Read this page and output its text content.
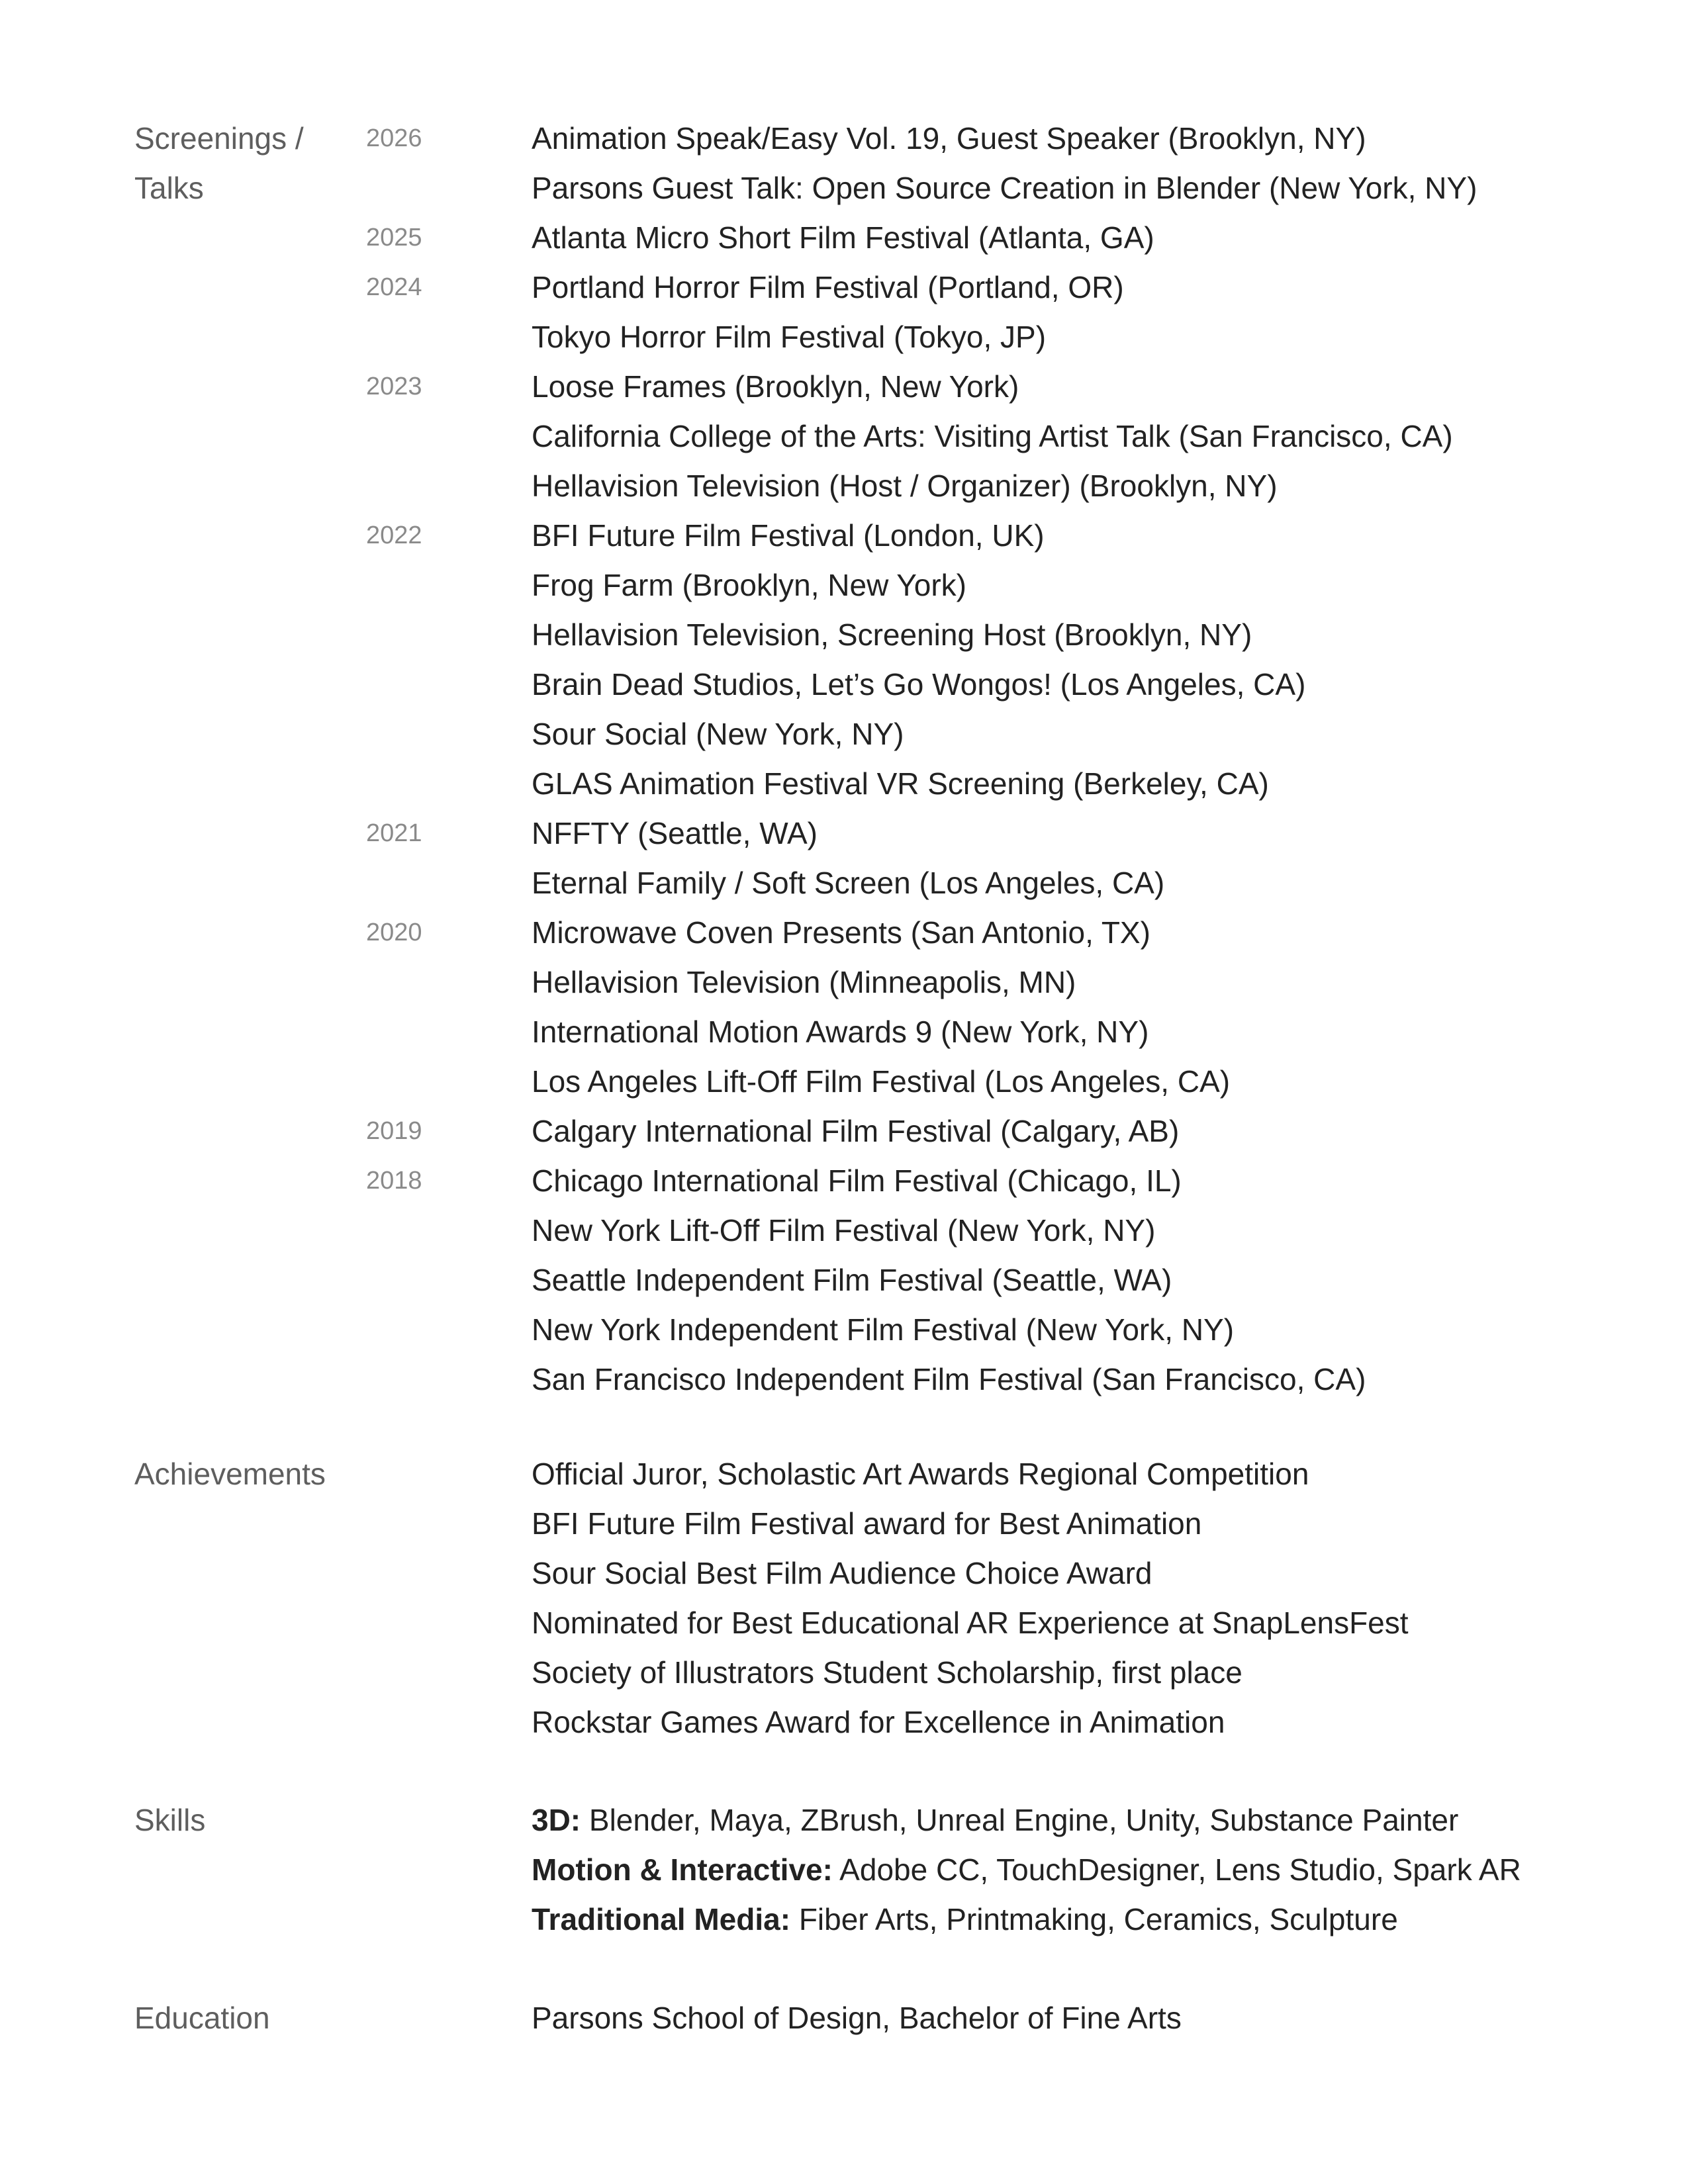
Screenings /
Talks
2026	Animation Speak/Easy Vol. 19, Guest Speaker (Brooklyn, NY)
Parsons Guest Talk: Open Source Creation in Blender (New York, NY)
2025	Atlanta Micro Short Film Festival (Atlanta, GA)
2024	Portland Horror Film Festival (Portland, OR)
Tokyo Horror Film Festival (Tokyo, JP)
2023	Loose Frames (Brooklyn, New York)
California College of the Arts: Visiting Artist Talk (San Francisco, CA)
Hellavision Television (Host / Organizer) (Brooklyn, NY)
2022	BFI Future Film Festival (London, UK)
Frog Farm (Brooklyn, New York)
Hellavision Television, Screening Host (Brooklyn, NY)
Brain Dead Studios, Let’s Go Wongos! (Los Angeles, CA)
Sour Social (New York, NY)
GLAS Animation Festival VR Screening (Berkeley, CA)
2021	NFFTY (Seattle, WA)
Eternal Family / Soft Screen (Los Angeles, CA)
2020	Microwave Coven Presents (San Antonio, TX)
Hellavision Television (Minneapolis, MN)
International Motion Awards 9 (New York, NY)
Los Angeles Lift-Off Film Festival (Los Angeles, CA)
2019	Calgary International Film Festival (Calgary, AB)
2018	Chicago International Film Festival (Chicago, IL)
New York Lift-Off Film Festival (New York, NY)
Seattle Independent Film Festival (Seattle, WA)
New York Independent Film Festival (New York, NY)
San Francisco Independent Film Festival (San Francisco, CA)
Achievements	Official Juror, Scholastic Art Awards Regional Competition
BFI Future Film Festival award for Best Animation
Sour Social Best Film Audience Choice Award
Nominated for Best Educational AR Experience at SnapLensFest
Society of Illustrators Student Scholarship, first place
Rockstar Games Award for Excellence in Animation
Skills	3D: Blender, Maya, ZBrush, Unreal Engine, Unity, Substance Painter
Motion & Interactive: Adobe CC, TouchDesigner, Lens Studio, Spark AR
Traditional Media: Fiber Arts, Printmaking, Ceramics, Sculpture
Education	Parsons School of Design, Bachelor of Fine Arts
